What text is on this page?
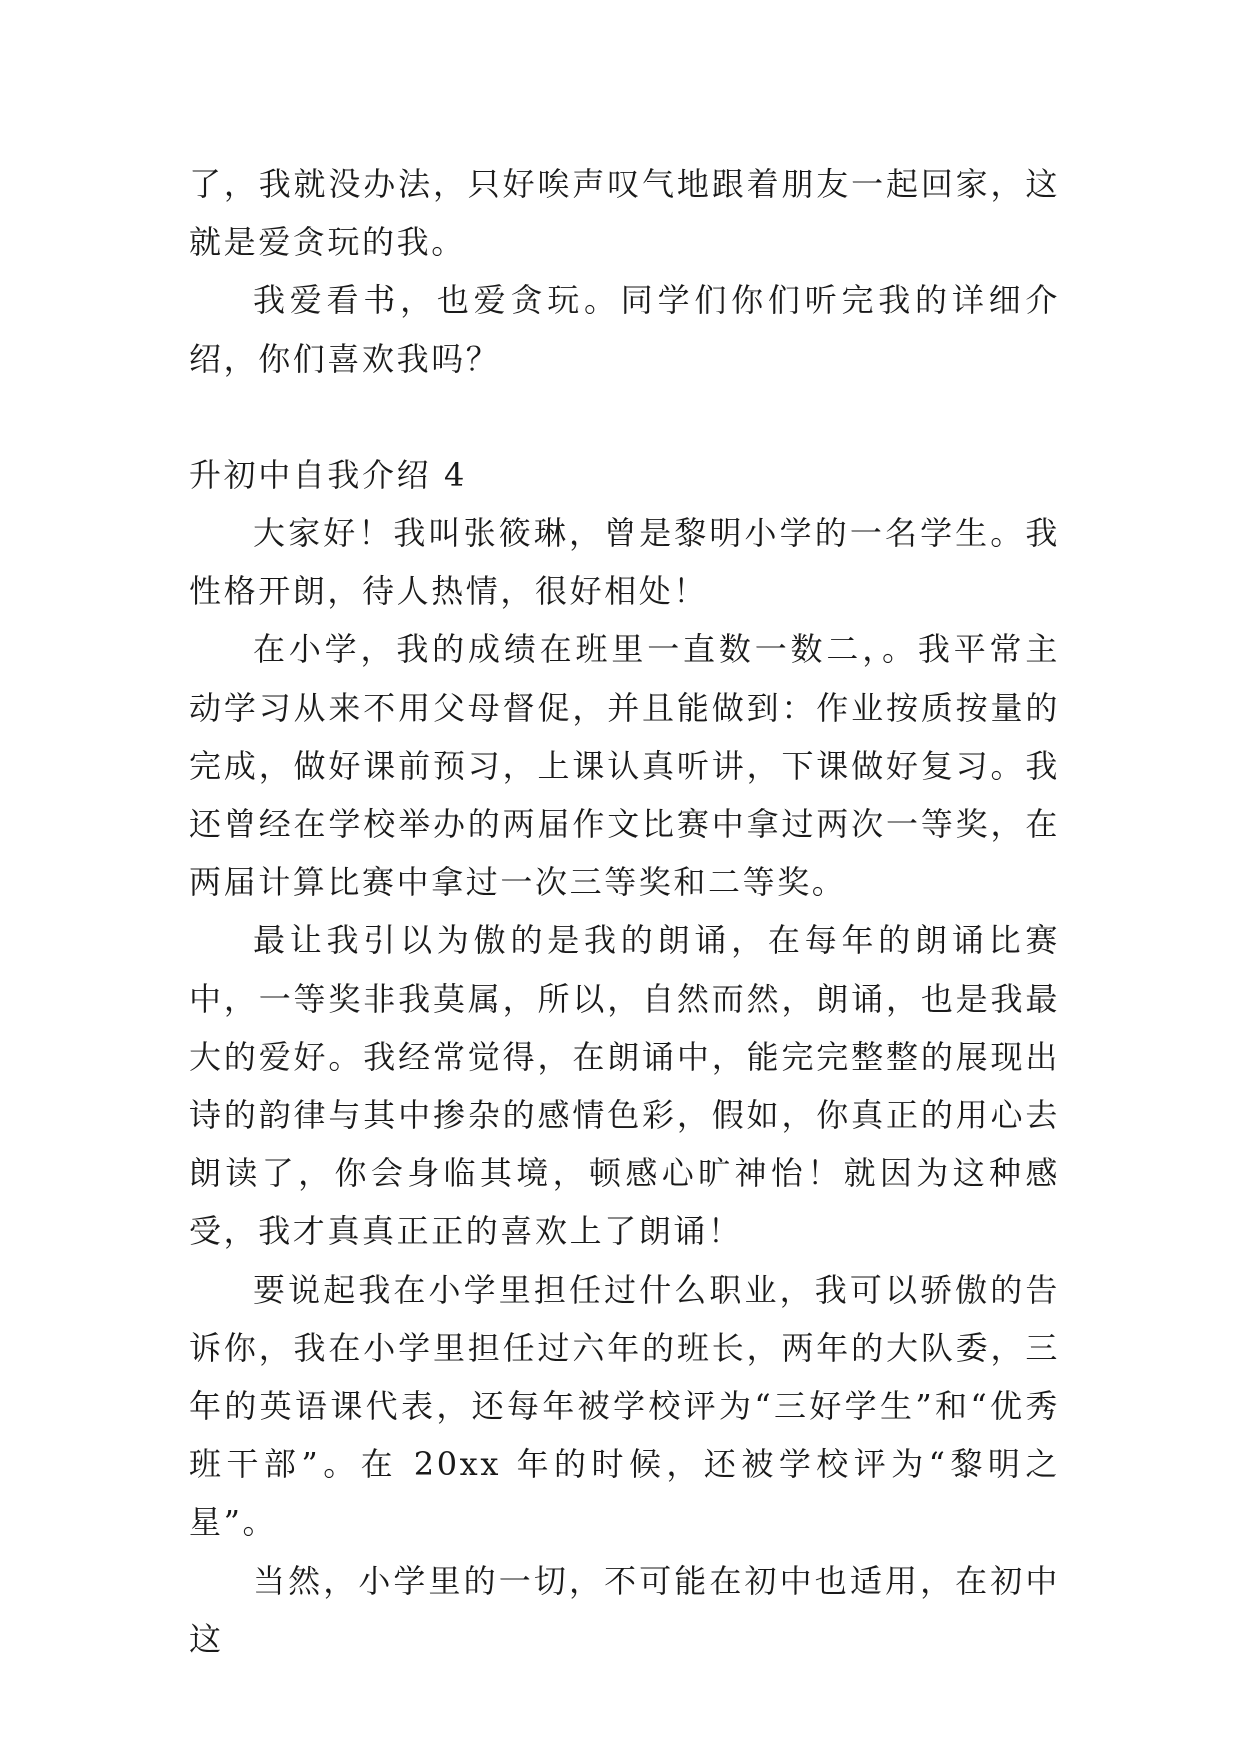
了，我就没办法，只好唉声叹气地跟着朋友一起回家，这就是爱贪玩的我。

我爱看书，也爱贪玩。同学们你们听完我的详细介绍，你们喜欢我吗？

升初中自我介绍 4

大家好！我叫张筱琳，曾是黎明小学的一名学生。我性格开朗，待人热情，很好相处！

在小学，我的成绩在班里一直数一数二，。我平常主动学习从来不用父母督促，并且能做到：作业按质按量的完成，做好课前预习，上课认真听讲，下课做好复习。我还曾经在学校举办的两届作文比赛中拿过两次一等奖，在两届计算比赛中拿过一次三等奖和二等奖。

最让我引以为傲的是我的朗诵，在每年的朗诵比赛中，一等奖非我莫属，所以，自然而然，朗诵，也是我最大的爱好。我经常觉得，在朗诵中，能完完整整的展现出诗的韵律与其中掺杂的感情色彩，假如，你真正的用心去朗读了，你会身临其境，顿感心旷神怡！就因为这种感受，我才真真正正的喜欢上了朗诵！

要说起我在小学里担任过什么职业，我可以骄傲的告诉你，我在小学里担任过六年的班长，两年的大队委，三年的英语课代表，还每年被学校评为“三好学生”和“优秀班干部”。在 20xx 年的时候，还被学校评为“黎明之星”。

当然，小学里的一切，不可能在初中也适用，在初中这
